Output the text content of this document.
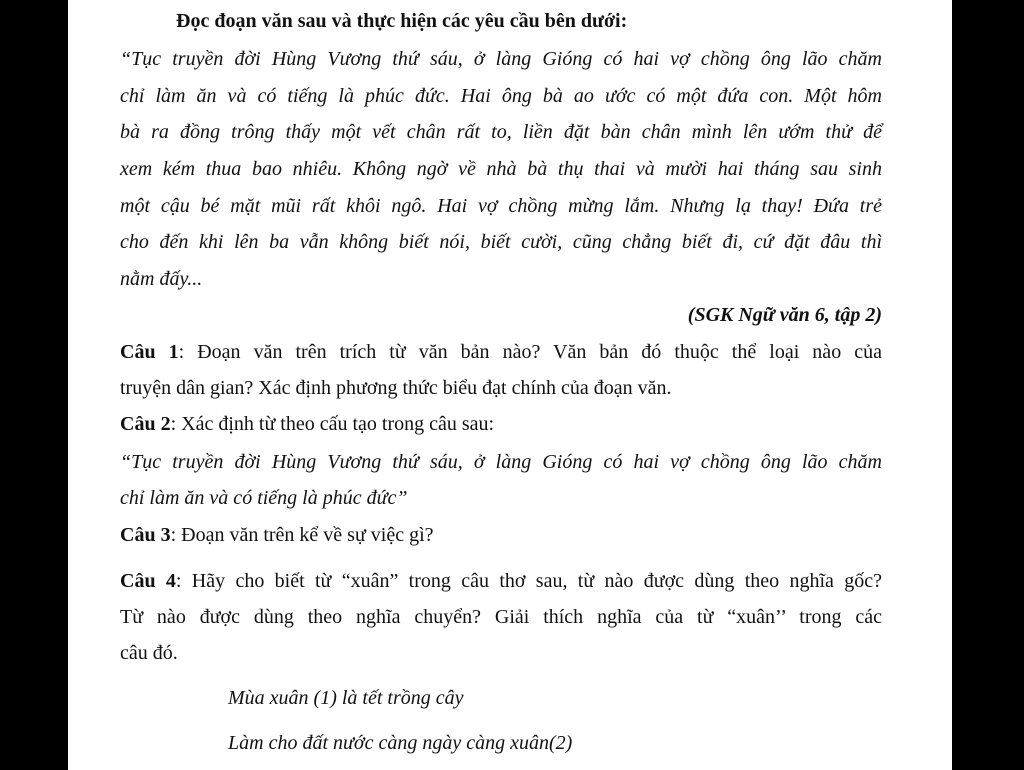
Đọc đoạn văn sau và thực hiện các yêu cầu bên dưới:
“Tục truyền đời Hùng Vương thứ sáu, ở làng Gióng có hai vợ chồng ông lão chăm
chỉ làm ăn và có tiếng là phúc đức. Hai ông bà ao ước có một đứa con. Một hôm
bà ra đồng trông thấy một vết chân rất to, liền đặt bàn chân mình lên ướm thử để
xem kém thua bao nhiêu. Không ngờ về nhà bà thụ thai và mười hai tháng sau sinh
một cậu bé mặt mũi rất khôi ngô. Hai vợ chồng mừng lắm. Nhưng lạ thay! Đứa trẻ
cho đến khi lên ba vẫn không biết nói, biết cười, cũng chẳng biết đi, cứ đặt đâu thì
nằm đấy...
(SGK Ngữ văn 6, tập 2)
Câu 1: Đoạn văn trên trích từ văn bản nào? Văn bản đó thuộc thể loại nào của
truyện dân gian? Xác định phương thức biểu đạt chính của đoạn văn.
Câu 2: Xác định từ theo cấu tạo trong câu sau:
“Tục truyền đời Hùng Vương thứ sáu, ở làng Gióng có hai vợ chồng ông lão chăm
chỉ làm ăn và có tiếng là phúc đức”
Câu 3: Đoạn văn trên kể về sự việc gì?
Câu 4: Hãy cho biết từ “xuân” trong câu thơ sau, từ nào được dùng theo nghĩa gốc?
Từ nào được dùng theo nghĩa chuyển? Giải thích nghĩa của từ “xuân’’ trong các
câu đó.
Mùa xuân (1) là tết trồng cây
Làm cho đất nước càng ngày càng xuân(2)
